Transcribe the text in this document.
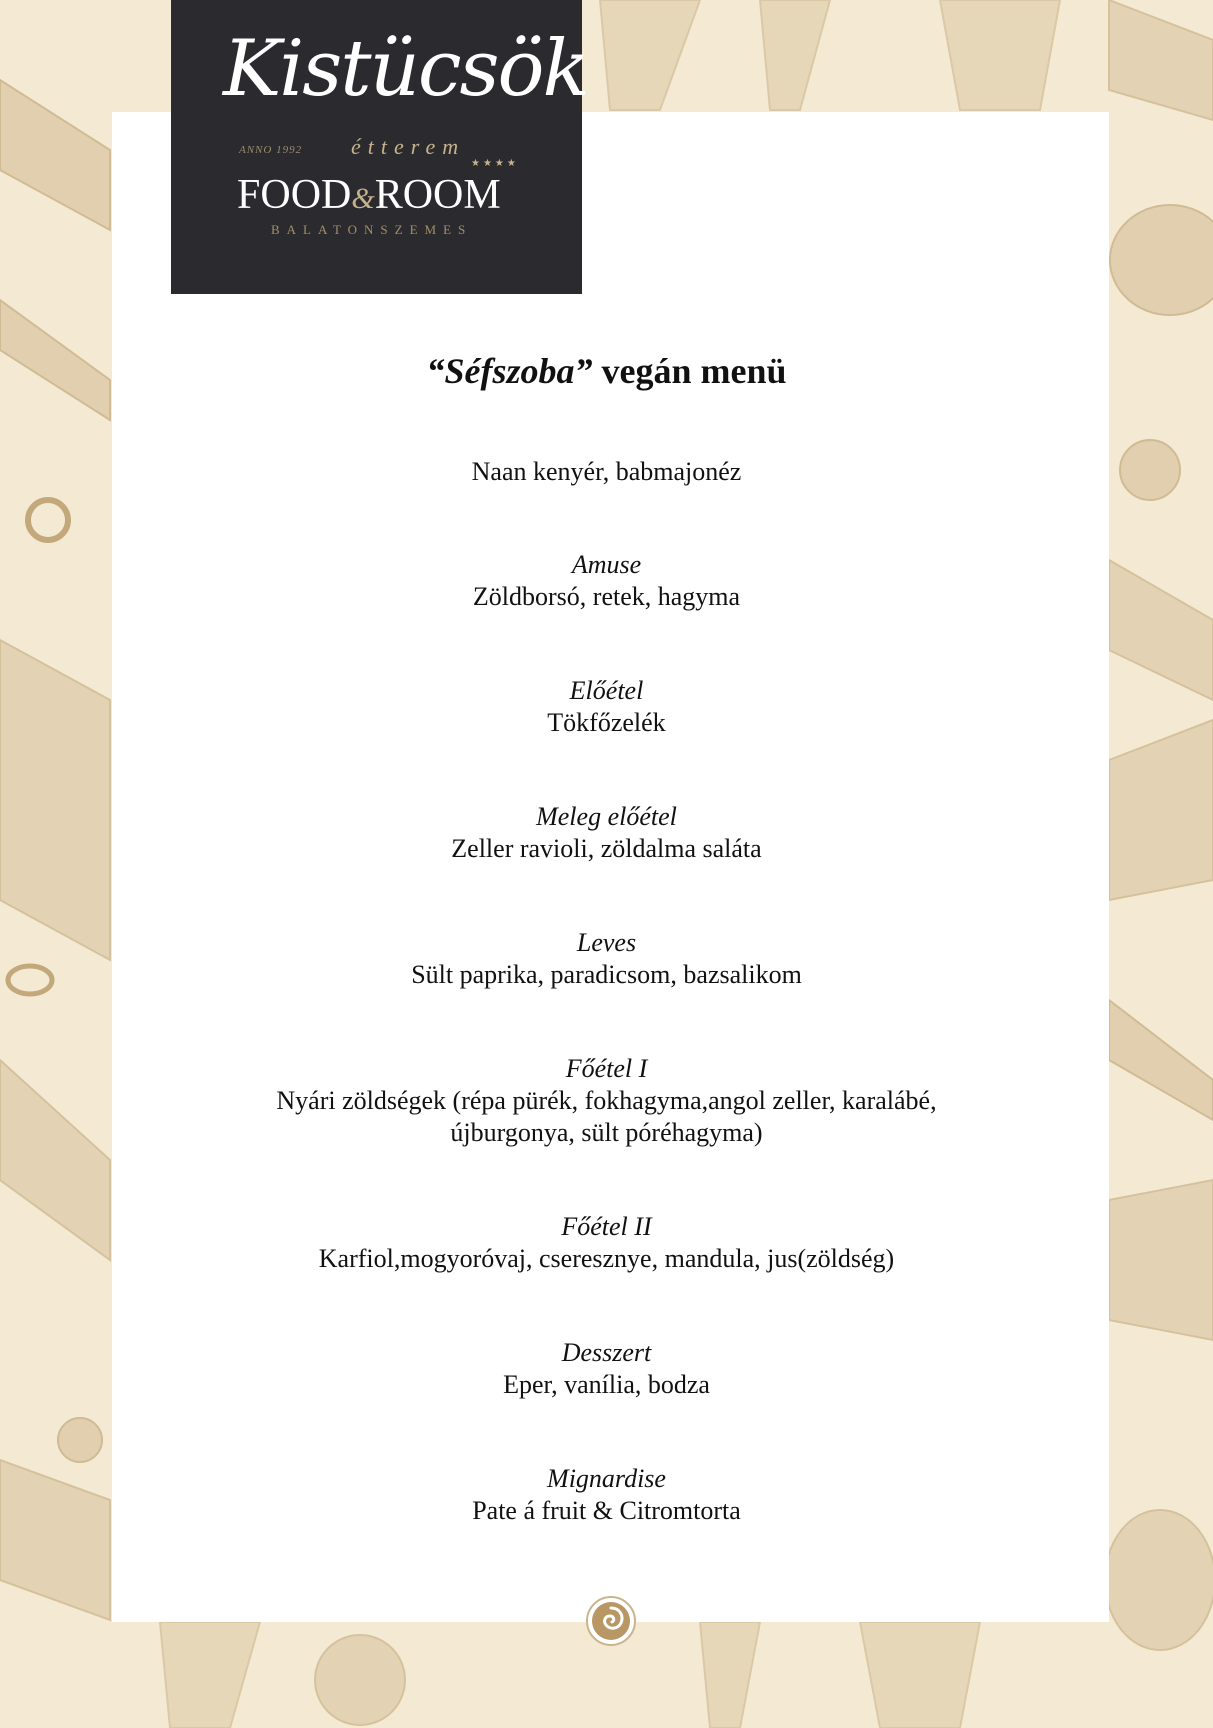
Kistücsök
ANNO 1992 étterem
★★★★
FOOD&ROOM
BALATONSZEMES
“Séfszoba” vegán menü
Naan kenyér, babmajonéz
Amuse
Zöldborsó, retek, hagyma
Előétel
Tökfőzelék
Meleg előétel
Zeller ravioli, zöldalma saláta
Leves
Sült paprika, paradicsom, bazsalikom
Főétel I
Nyári zöldségek (répa pürék, fokhagyma,angol zeller, karalábé,
újburgonya, sült póréhagyma)
Főétel II
Karfiol,mogyoróvaj, cseresznye, mandula, jus(zöldség)
Desszert
Eper, vanília, bodza
Mignardise
Pate á fruit & Citromtorta
